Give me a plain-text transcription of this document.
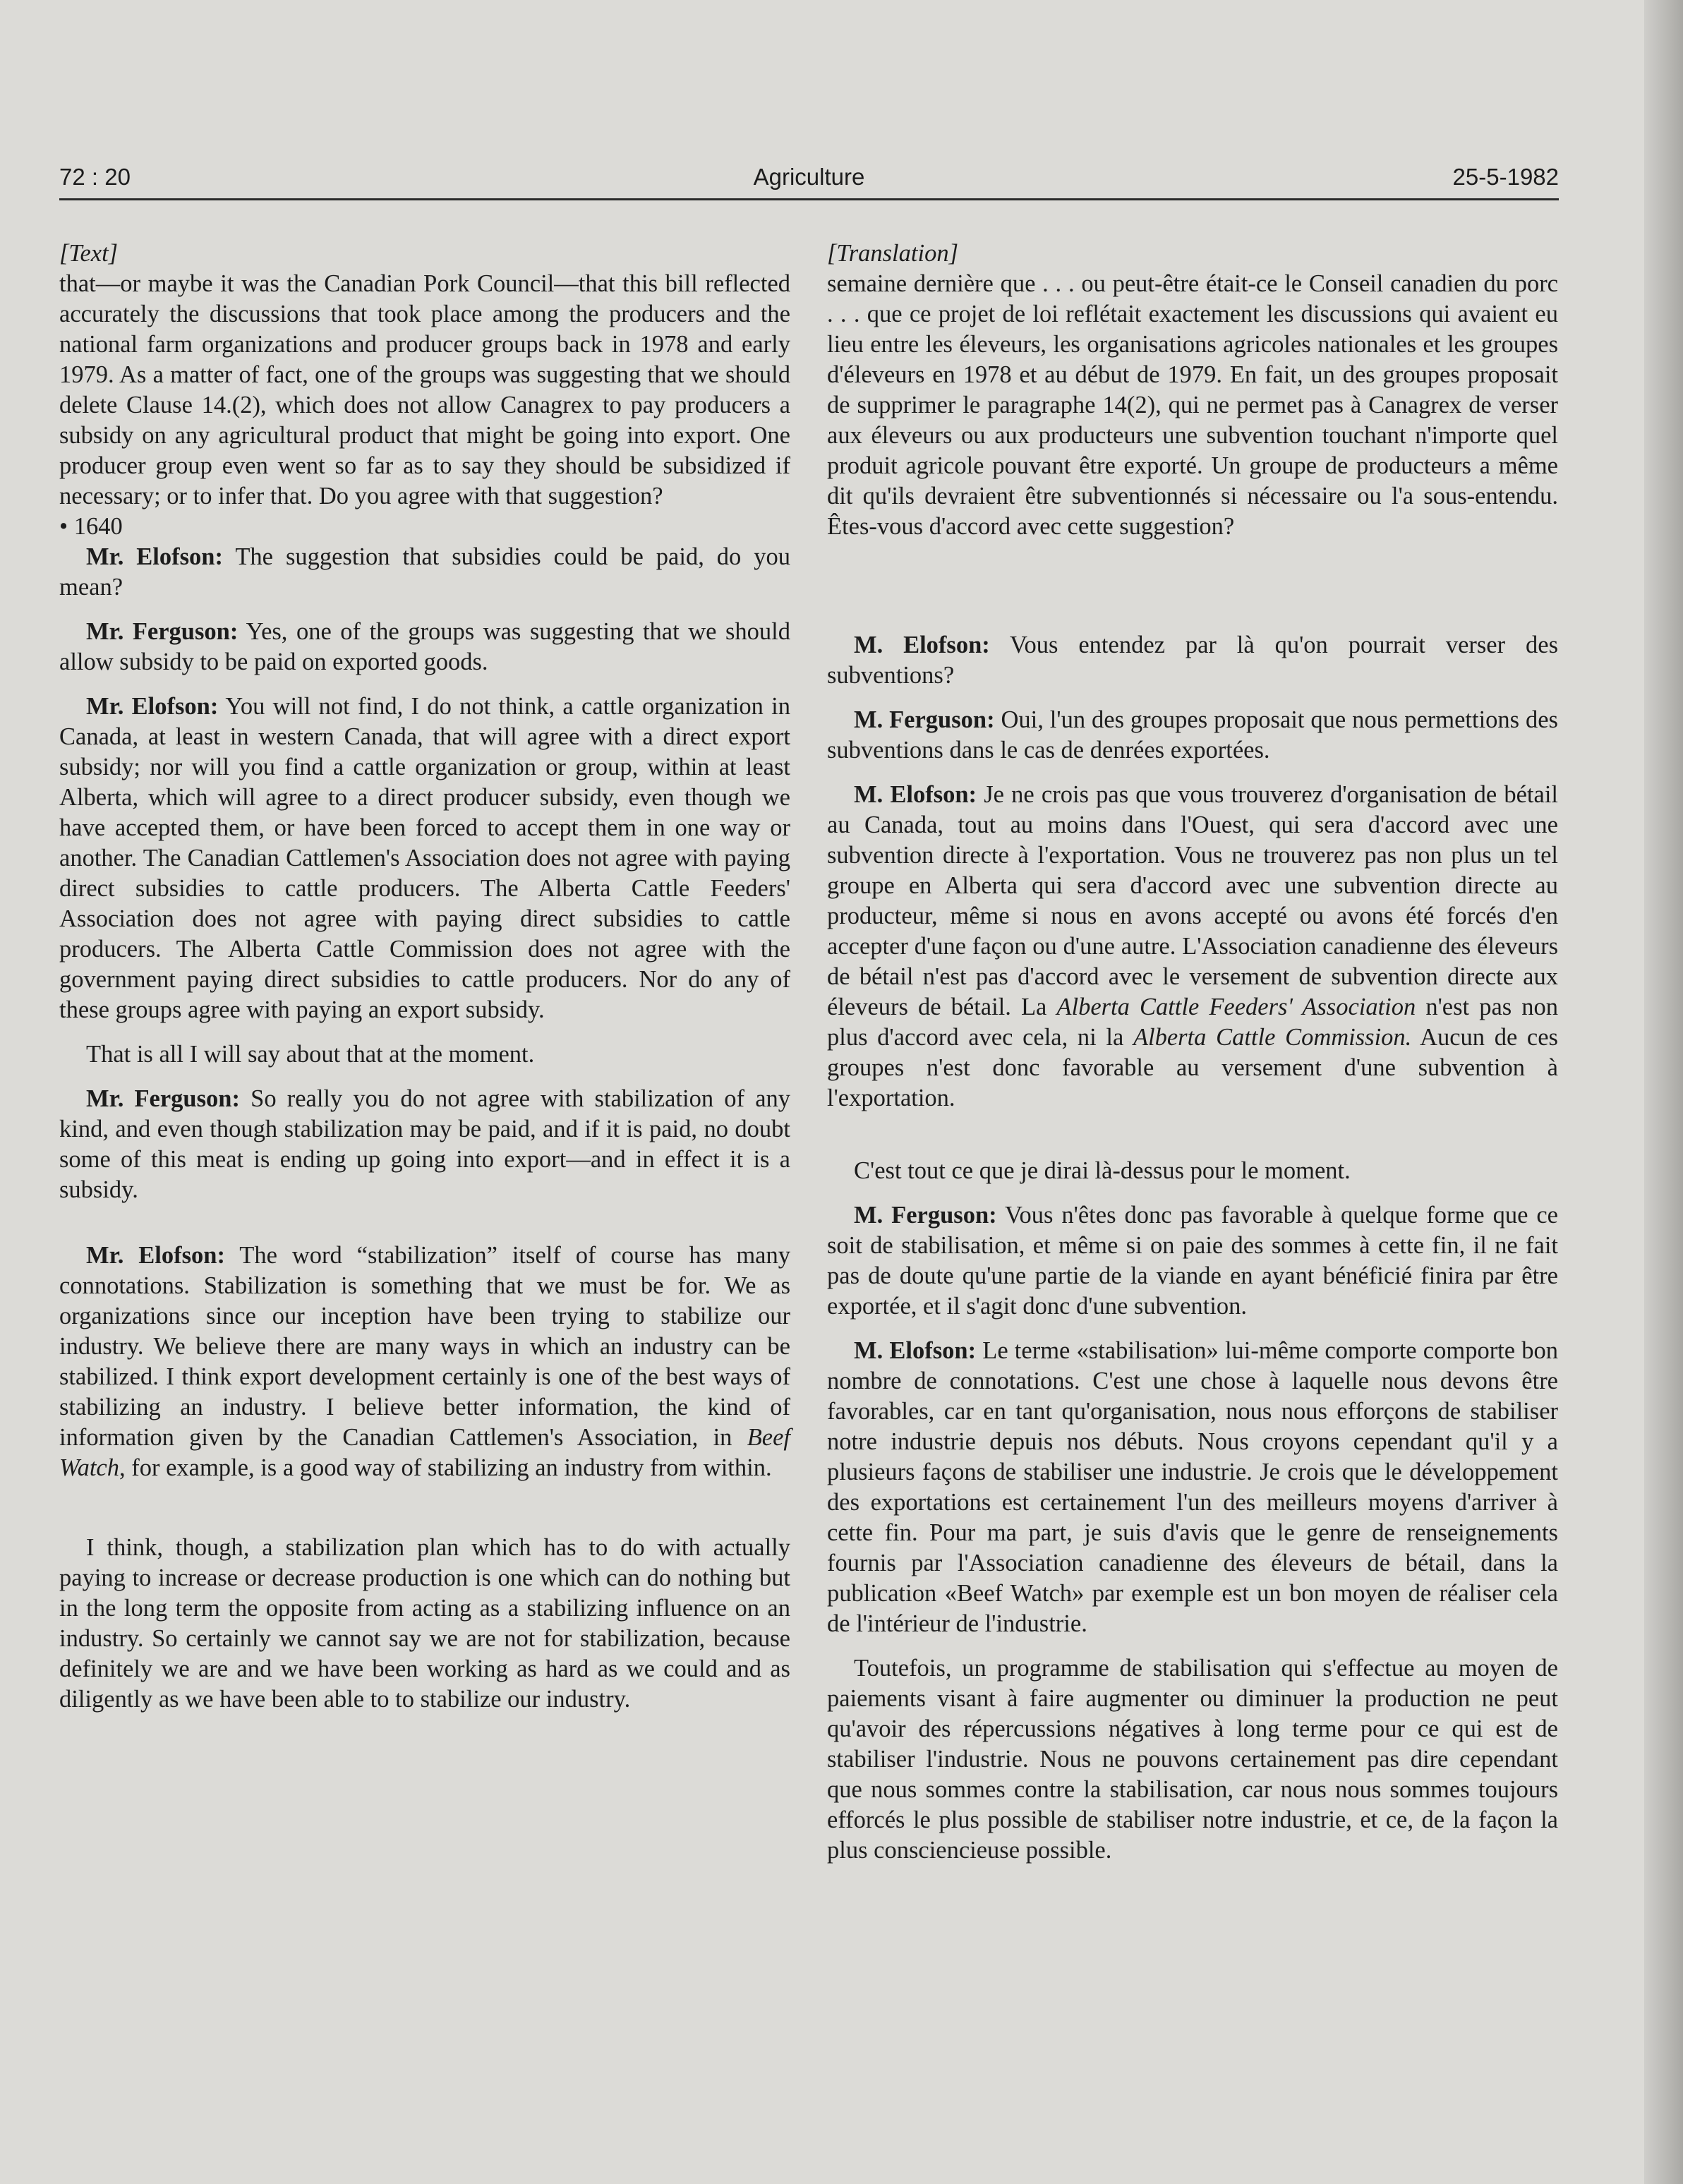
72 : 20	Agriculture	25-5-1982
[Text]

that—or maybe it was the Canadian Pork Council—that this bill reflected accurately the discussions that took place among the producers and the national farm organizations and producer groups back in 1978 and early 1979. As a matter of fact, one of the groups was suggesting that we should delete Clause 14.(2), which does not allow Canagrex to pay producers a subsidy on any agricultural product that might be going into export. One producer group even went so far as to say they should be subsidized if necessary; or to infer that. Do you agree with that suggestion?

• 1640

Mr. Elofson: The suggestion that subsidies could be paid, do you mean?

Mr. Ferguson: Yes, one of the groups was suggesting that we should allow subsidy to be paid on exported goods.

Mr. Elofson: You will not find, I do not think, a cattle organization in Canada, at least in western Canada, that will agree with a direct export subsidy; nor will you find a cattle organization or group, within at least Alberta, which will agree to a direct producer subsidy, even though we have accepted them, or have been forced to accept them in one way or another. The Canadian Cattlemen's Association does not agree with paying direct subsidies to cattle producers. The Alberta Cattle Feeders' Association does not agree with paying direct subsidies to cattle producers. The Alberta Cattle Commission does not agree with the government paying direct subsidies to cattle producers. Nor do any of these groups agree with paying an export subsidy.

That is all I will say about that at the moment.

Mr. Ferguson: So really you do not agree with stabilization of any kind, and even though stabilization may be paid, and if it is paid, no doubt some of this meat is ending up going into export—and in effect it is a subsidy.

Mr. Elofson: The word “stabilization” itself of course has many connotations. Stabilization is something that we must be for. We as organizations since our inception have been trying to stabilize our industry. We believe there are many ways in which an industry can be stabilized. I think export development certainly is one of the best ways of stabilizing an industry. I believe better information, the kind of information given by the Canadian Cattlemen's Association, in Beef Watch, for example, is a good way of stabilizing an industry from within.

I think, though, a stabilization plan which has to do with actually paying to increase or decrease production is one which can do nothing but in the long term the opposite from acting as a stabilizing influence on an industry. So certainly we cannot say we are not for stabilization, because definitely we are and we have been working as hard as we could and as diligently as we have been able to to stabilize our industry.

[Translation]

semaine dernière que . . . ou peut-être était-ce le Conseil canadien du porc . . . que ce projet de loi reflétait exactement les discussions qui avaient eu lieu entre les éleveurs, les organisations agricoles nationales et les groupes d'éleveurs en 1978 et au début de 1979. En fait, un des groupes proposait de supprimer le paragraphe 14(2), qui ne permet pas à Canagrex de verser aux éleveurs ou aux producteurs une subvention touchant n'importe quel produit agricole pouvant être exporté. Un groupe de producteurs a même dit qu'ils devraient être subventionnés si nécessaire ou l'a sous-entendu. Êtes-vous d'accord avec cette suggestion?

M. Elofson: Vous entendez par là qu'on pourrait verser des subventions?

M. Ferguson: Oui, l'un des groupes proposait que nous permettions des subventions dans le cas de denrées exportées.

M. Elofson: Je ne crois pas que vous trouverez d'organisation de bétail au Canada, tout au moins dans l'Ouest, qui sera d'accord avec une subvention directe à l'exportation. Vous ne trouverez pas non plus un tel groupe en Alberta qui sera d'accord avec une subvention directe au producteur, même si nous en avons accepté ou avons été forcés d'en accepter d'une façon ou d'une autre. L'Association canadienne des éleveurs de bétail n'est pas d'accord avec le versement de subvention directe aux éleveurs de bétail. La Alberta Cattle Feeders' Association n'est pas non plus d'accord avec cela, ni la Alberta Cattle Commission. Aucun de ces groupes n'est donc favorable au versement d'une subvention à l'exportation.

C'est tout ce que je dirai là-dessus pour le moment.

M. Ferguson: Vous n'êtes donc pas favorable à quelque forme que ce soit de stabilisation, et même si on paie des sommes à cette fin, il ne fait pas de doute qu'une partie de la viande en ayant bénéficié finira par être exportée, et il s'agit donc d'une subvention.

M. Elofson: Le terme «stabilisation» lui-même comporte comporte bon nombre de connotations. C'est une chose à laquelle nous devons être favorables, car en tant qu'organisation, nous nous efforçons de stabiliser notre industrie depuis nos débuts. Nous croyons cependant qu'il y a plusieurs façons de stabiliser une industrie. Je crois que le développement des exportations est certainement l'un des meilleurs moyens d'arriver à cette fin. Pour ma part, je suis d'avis que le genre de renseignements fournis par l'Association canadienne des éleveurs de bétail, dans la publication «Beef Watch» par exemple est un bon moyen de réaliser cela de l'intérieur de l'industrie.

Toutefois, un programme de stabilisation qui s'effectue au moyen de paiements visant à faire augmenter ou diminuer la production ne peut qu'avoir des répercussions négatives à long terme pour ce qui est de stabiliser l'industrie. Nous ne pouvons certainement pas dire cependant que nous sommes contre la stabilisation, car nous nous sommes toujours efforcés le plus possible de stabiliser notre industrie, et ce, de la façon la plus consciencieuse possible.
